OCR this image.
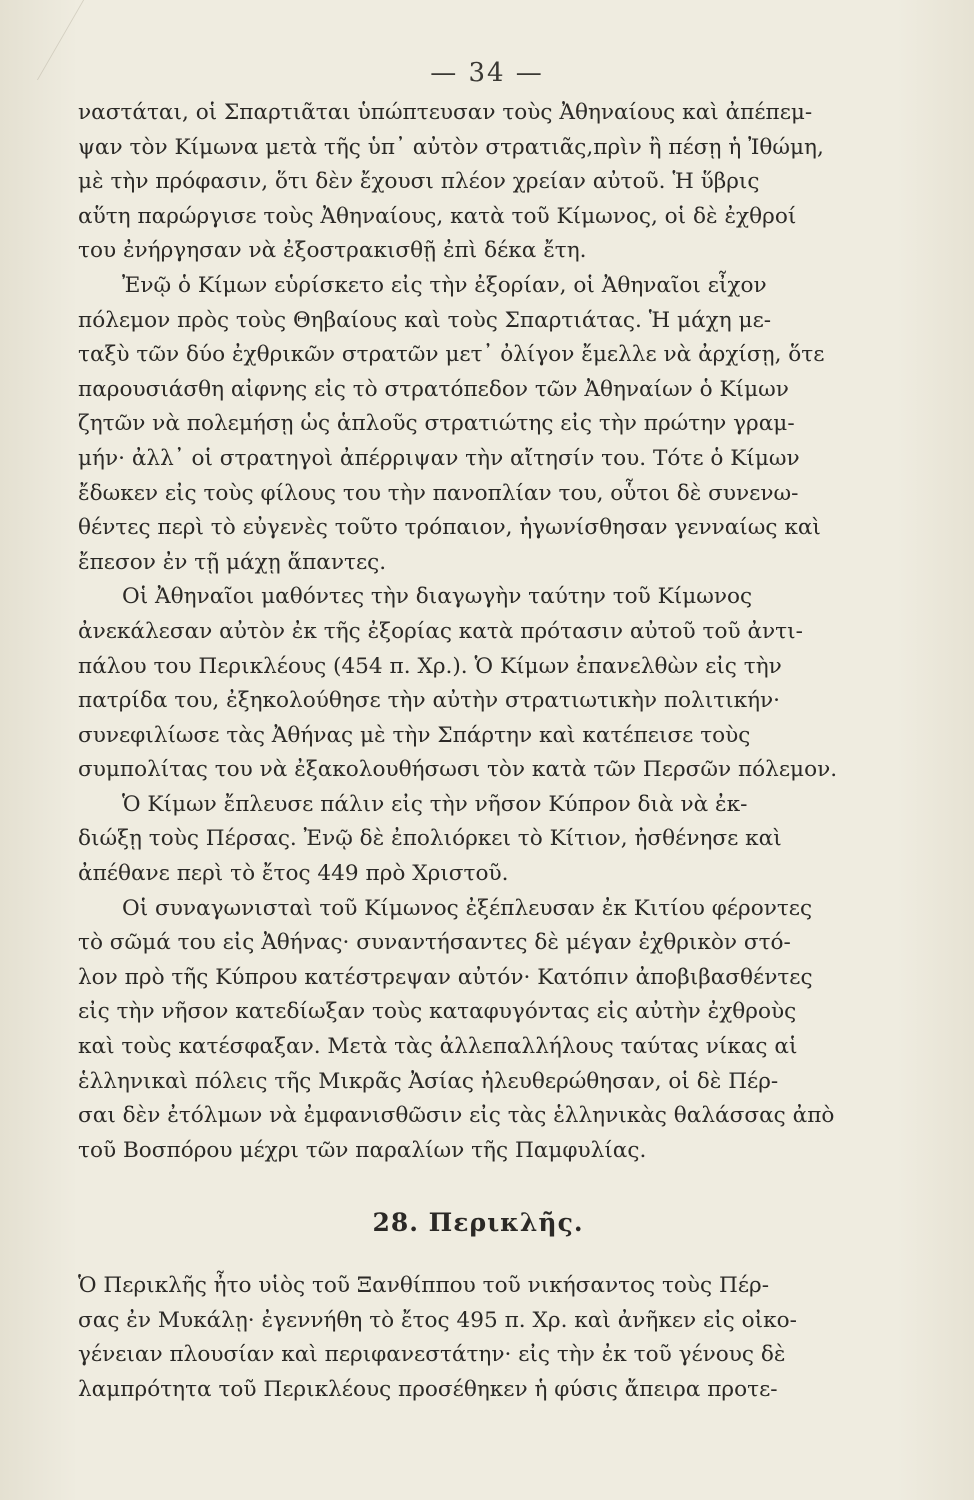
— 34 —
ναστάται, οἱ Σπαρτιᾶται ὑπώπτευσαν τοὺς Ἀθηναίους καὶ ἀπέπεμ-
ψαν τὸν Κίμωνα μετὰ τῆς ὑπ᾽ αὐτὸν στρατιᾶς,πρὶν ἢ πέσῃ ἡ Ἰθώμη,
μὲ τὴν πρόφασιν, ὅτι δὲν ἔχουσι πλέον χρείαν αὐτοῦ. Ἡ ὕβρις
αὕτη παρώργισε τοὺς Ἀθηναίους, κατὰ τοῦ Κίμωνος, οἱ δὲ ἐχθροί
του ἐνήργησαν νὰ ἐξοστρακισθῇ ἐπὶ δέκα ἔτη.
Ἐνῷ ὁ Κίμων εὑρίσκετο εἰς τὴν ἐξορίαν, οἱ Ἀθηναῖοι εἶχον
πόλεμον πρὸς τοὺς Θηβαίους καὶ τοὺς Σπαρτιάτας. Ἡ μάχη με-
ταξὺ τῶν δύο ἐχθρικῶν στρατῶν μετ᾽ ὀλίγον ἔμελλε νὰ ἀρχίσῃ, ὅτε
παρουσιάσθη αἰφνης εἰς τὸ στρατόπεδον τῶν Ἀθηναίων ὁ Κίμων
ζητῶν νὰ πολεμήσῃ ὡς ἁπλοῦς στρατιώτης εἰς τὴν πρώτην γραμ-
μήν· ἀλλ᾽ οἱ στρατηγοὶ ἀπέρριψαν τὴν αἴτησίν του. Τότε ὁ Κίμων
ἔδωκεν εἰς τοὺς φίλους του τὴν πανοπλίαν του, οὗτοι δὲ συνενω-
θέντες περὶ τὸ εὐγενὲς τοῦτο τρόπαιον, ἠγωνίσθησαν γενναίως καὶ
ἔπεσον ἐν τῇ μάχῃ ἅπαντες.
Οἱ Ἀθηναῖοι μαθόντες τὴν διαγωγὴν ταύτην τοῦ Κίμωνος
ἀνεκάλεσαν αὐτὸν ἐκ τῆς ἐξορίας κατὰ πρότασιν αὐτοῦ τοῦ ἀντι-
πάλου του Περικλέους (454 π. Χρ.). Ὁ Κίμων ἐπανελθὼν εἰς τὴν
πατρίδα του, ἐξηκολούθησε τὴν αὐτὴν στρατιωτικὴν πολιτικήν·
συνεφιλίωσε τὰς Ἀθήνας μὲ τὴν Σπάρτην καὶ κατέπεισε τοὺς
συμπολίτας του νὰ ἐξακολουθήσωσι τὸν κατὰ τῶν Περσῶν πόλεμον.
Ὁ Κίμων ἔπλευσε πάλιν εἰς τὴν νῆσον Κύπρον διὰ νὰ ἐκ-
διώξῃ τοὺς Πέρσας. Ἐνῷ δὲ ἐπολιόρκει τὸ Κίτιον, ἠσθένησε καὶ
ἀπέθανε περὶ τὸ ἔτος 449 πρὸ Χριστοῦ.
Οἱ συναγωνισταὶ τοῦ Κίμωνος ἐξέπλευσαν ἐκ Κιτίου φέροντες
τὸ σῶμά του εἰς Ἀθήνας· συναντήσαντες δὲ μέγαν ἐχθρικὸν στό-
λον πρὸ τῆς Κύπρου κατέστρεψαν αὐτόν· Κατόπιν ἀποβιβασθέντες
εἰς τὴν νῆσον κατεδίωξαν τοὺς καταφυγόντας εἰς αὐτὴν ἐχθροὺς
καὶ τοὺς κατέσφαξαν. Μετὰ τὰς ἀλλεπαλλήλους ταύτας νίκας αἱ
ἑλληνικαὶ πόλεις τῆς Μικρᾶς Ἀσίας ἠλευθερώθησαν, οἱ δὲ Πέρ-
σαι δὲν ἐτόλμων νὰ ἐμφανισθῶσιν εἰς τὰς ἑλληνικὰς θαλάσσας ἀπὸ
τοῦ Βοσπόρου μέχρι τῶν παραλίων τῆς Παμφυλίας.
28. Περικλῆς.
Ὁ Περικλῆς ἦτο υἱὸς τοῦ Ξανθίππου τοῦ νικήσαντος τοὺς Πέρ-
σας ἐν Μυκάλῃ· ἐγεννήθη τὸ ἔτος 495 π. Χρ. καὶ ἀνῆκεν εἰς οἰκο-
γένειαν πλουσίαν καὶ περιφανεστάτην· εἰς τὴν ἐκ τοῦ γένους δὲ
λαμπρότητα τοῦ Περικλέους προσέθηκεν ἡ φύσις ἄπειρα προτε-
